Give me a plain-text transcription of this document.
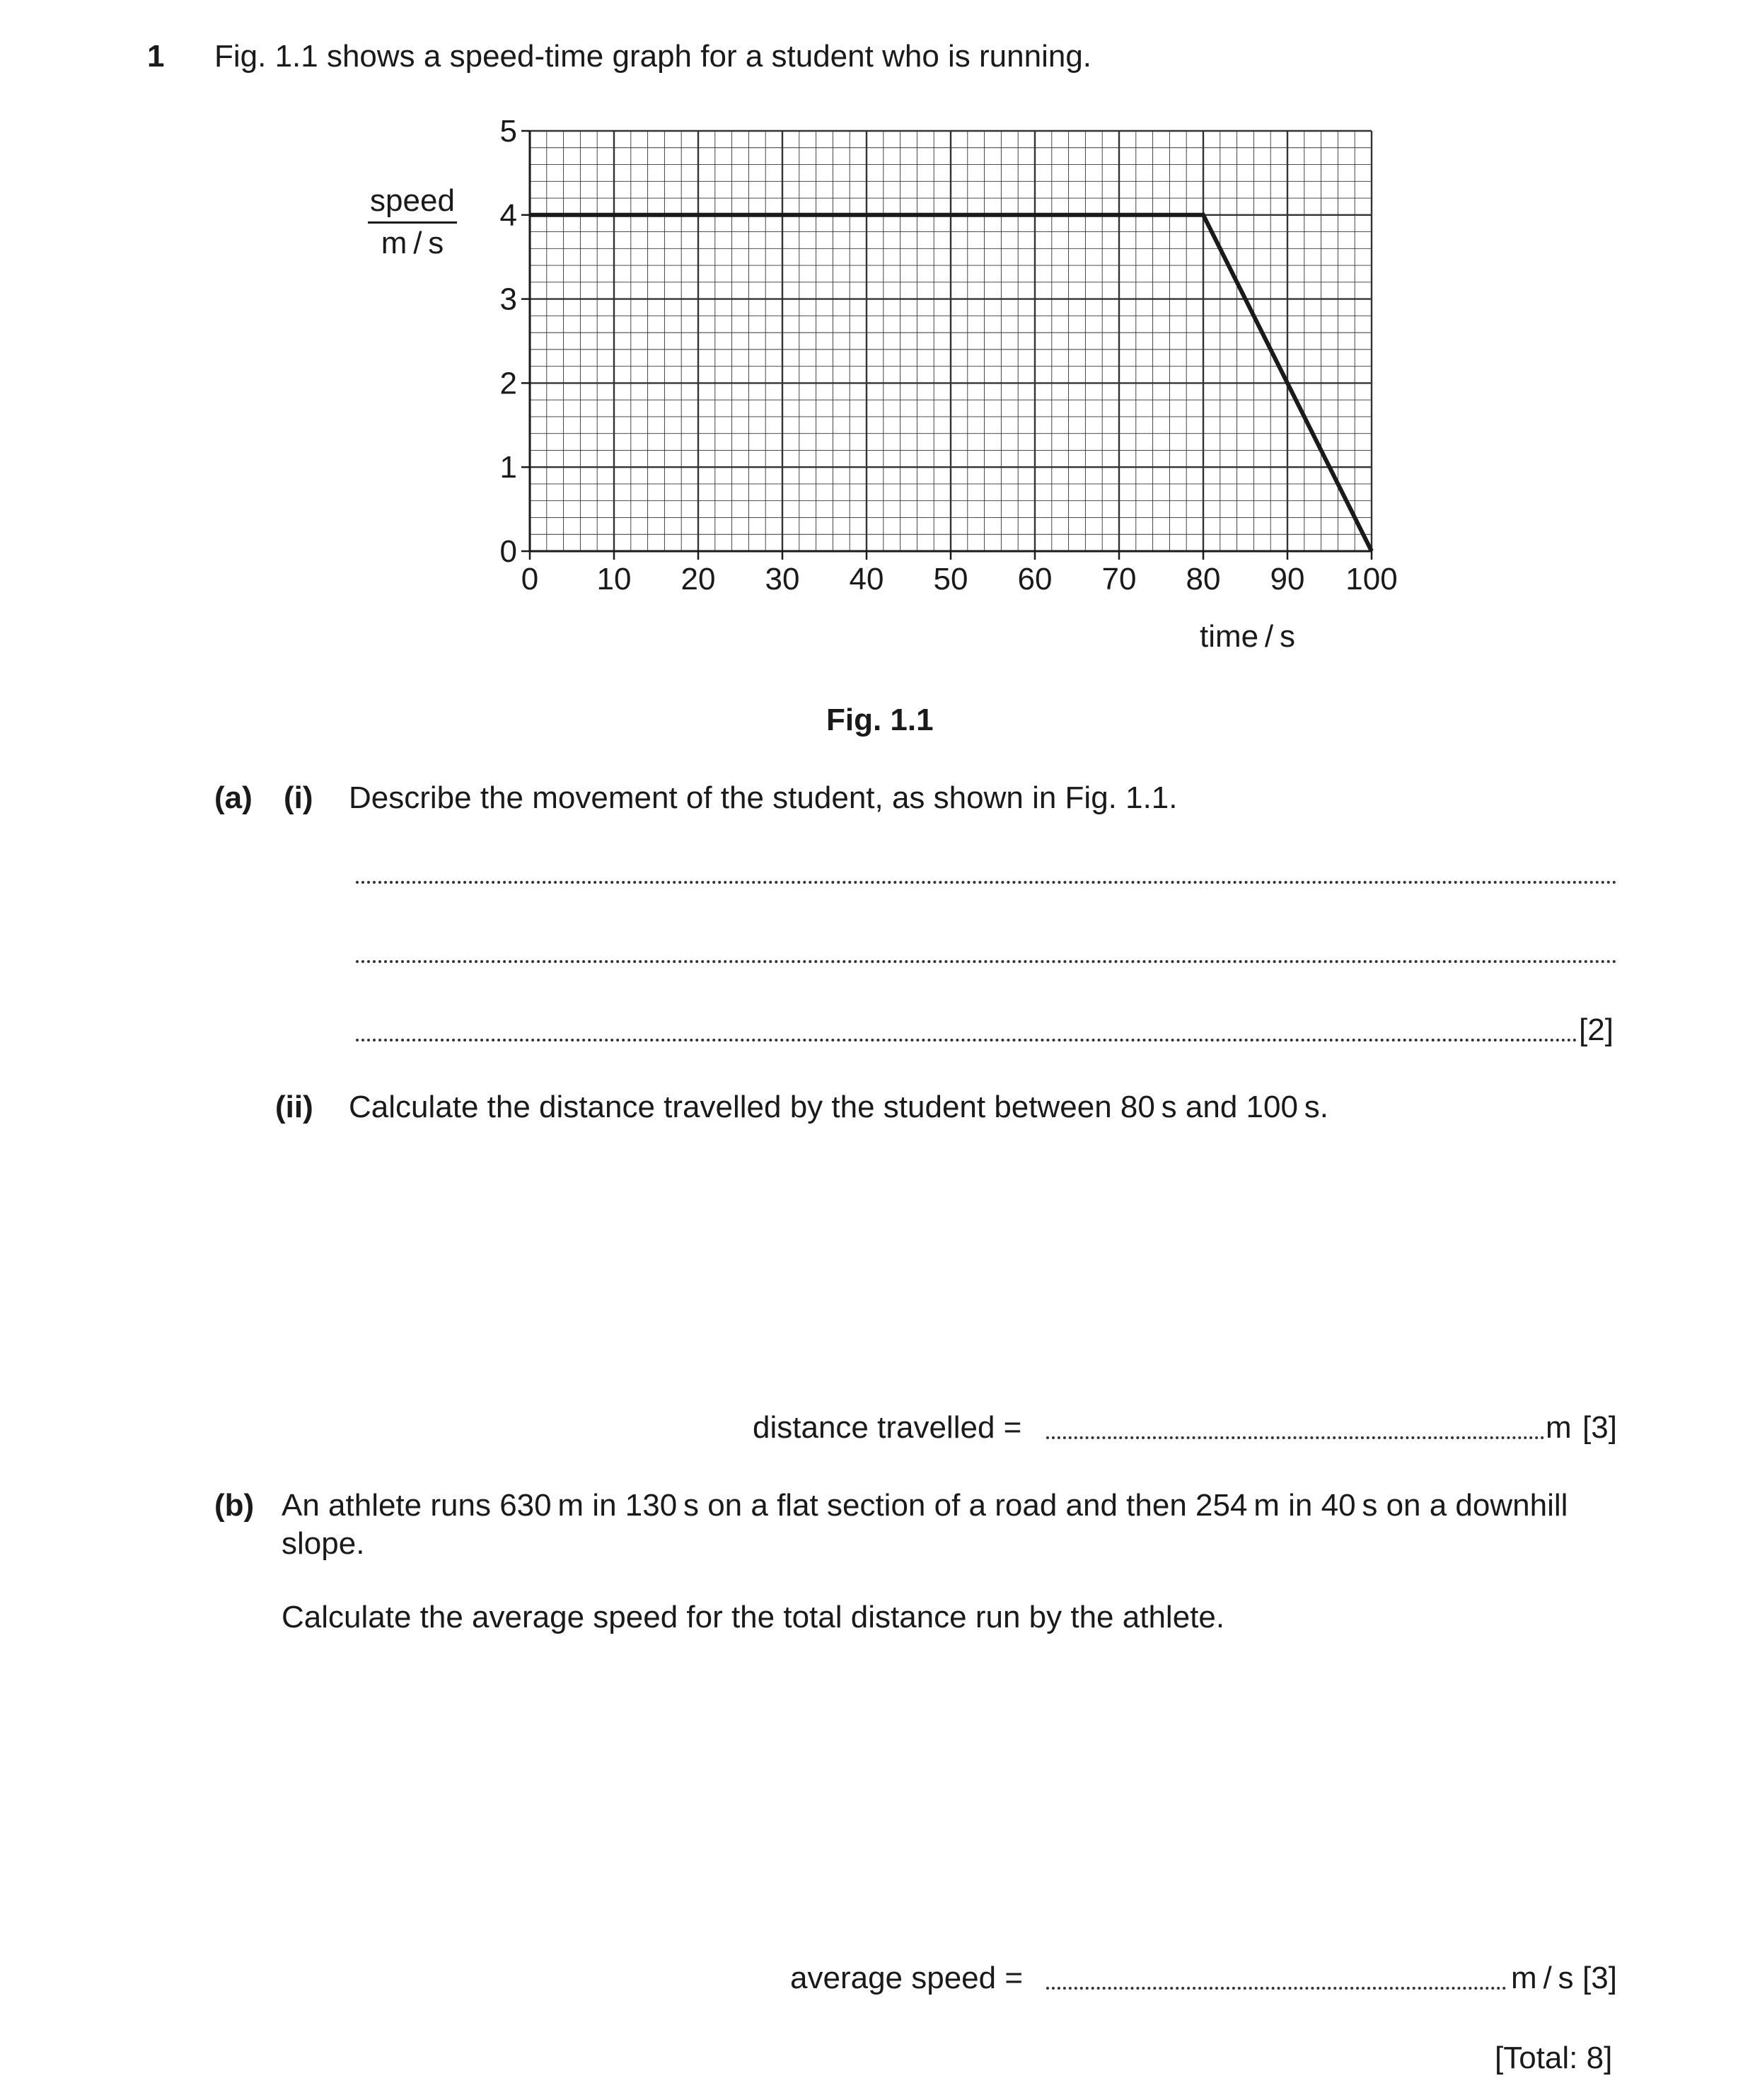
1 Fig. 1.1 shows a speed-time graph for a student who is running.
0 10 20 30 40 50 60 70 80 90 100
0
1
2
3
4
5
speed
m / s
time / s
Fig. 1.1
(a) (i) Describe the movement of the student, as shown in Fig. 1.1.
[2]
(ii) Calculate the distance travelled by the student between 80 s and 100 s.
distance travelled =	m [3]
(b) An athlete runs 630 m in 130 s on a flat section of a road and then 254 m in 40 s on a downhill
slope.
Calculate the average speed for the total distance run by the athlete.
average speed =	m / s [3]
[Total: 8]
